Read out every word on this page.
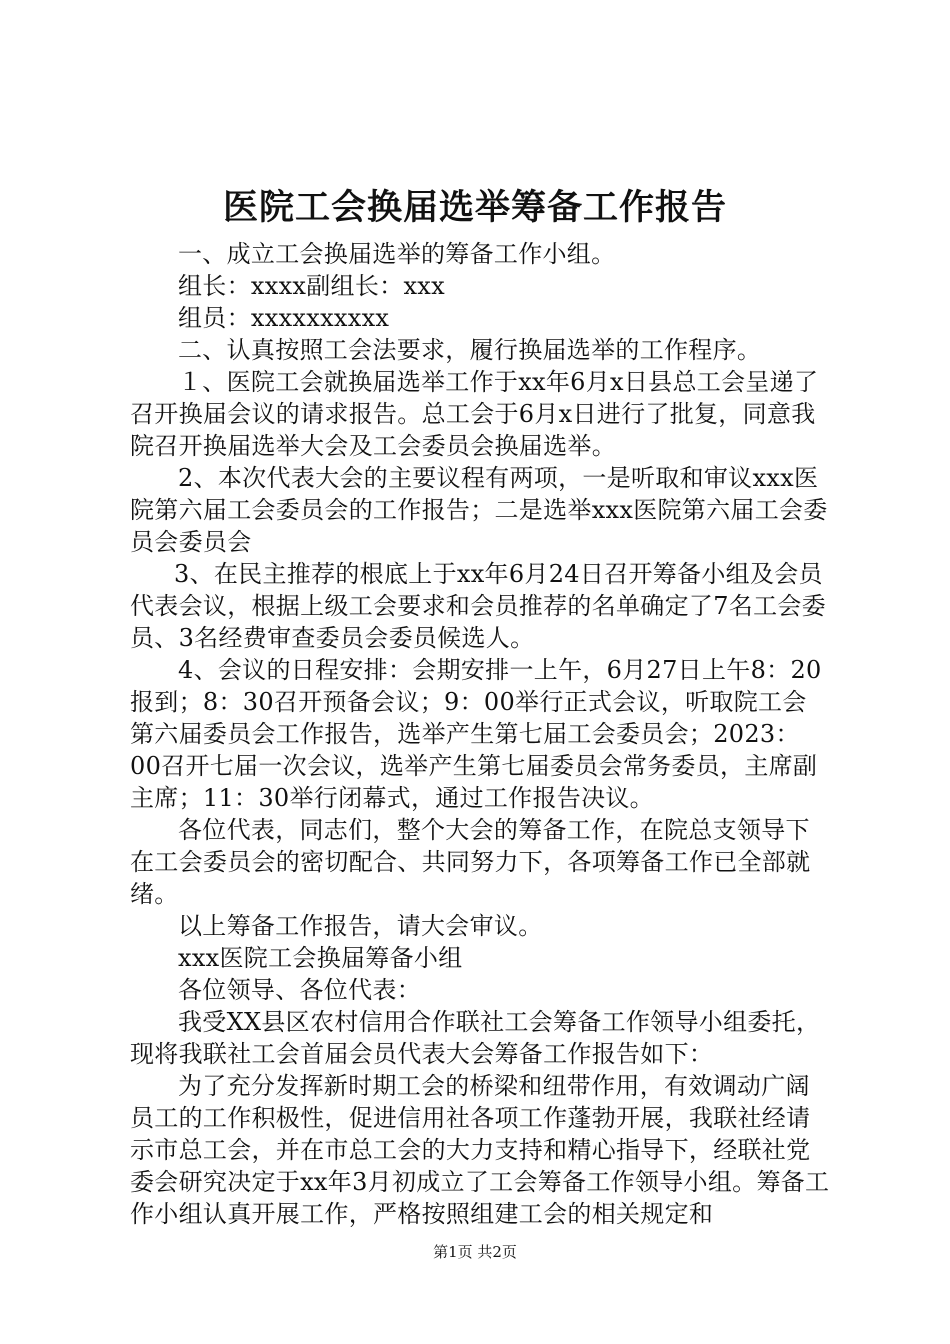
医院工会换届选举筹备工作报告

一、成立工会换届选举的筹备工作小组。

组长：xxxx副组长：xxx

组员：xxxxxxxxxx

二、认真按照工会法要求，履行换届选举的工作程序。

１、医院工会就换届选举工作于xx年6月x日县总工会呈递了召开换届会议的请求报告。总工会于6月x日进行了批复，同意我院召开换届选举大会及工会委员会换届选举。

2、本次代表大会的主要议程有两项，一是听取和审议xxx医院第六届工会委员会的工作报告；二是选举xxx医院第六届工会委员会委员会

3、在民主推荐的根底上于xx年6月24日召开筹备小组及会员代表会议，根据上级工会要求和会员推荐的名单确定了7名工会委员、3名经费审查委员会委员候选人。

4、会议的日程安排：会期安排一上午，6月27日上午8：20报到；8：30召开预备会议；9：00举行正式会议，听取院工会第六届委员会工作报告，选举产生第七届工会委员会；2023：00召开七届一次会议，选举产生第七届委员会常务委员，主席副主席；11：30举行闭幕式，通过工作报告决议。

各位代表，同志们，整个大会的筹备工作，在院总支领导下在工会委员会的密切配合、共同努力下，各项筹备工作已全部就绪。

以上筹备工作报告，请大会审议。

xxx医院工会换届筹备小组

各位领导、各位代表：

我受XX县区农村信用合作联社工会筹备工作领导小组委托，现将我联社工会首届会员代表大会筹备工作报告如下：

为了充分发挥新时期工会的桥梁和纽带作用，有效调动广阔员工的工作积极性，促进信用社各项工作蓬勃开展，我联社经请示市总工会，并在市总工会的大力支持和精心指导下，经联社党委会研究决定于xx年3月初成立了工会筹备工作领导小组。筹备工作小组认真开展工作，严格按照组建工会的相关规定和

第1页 共2页
